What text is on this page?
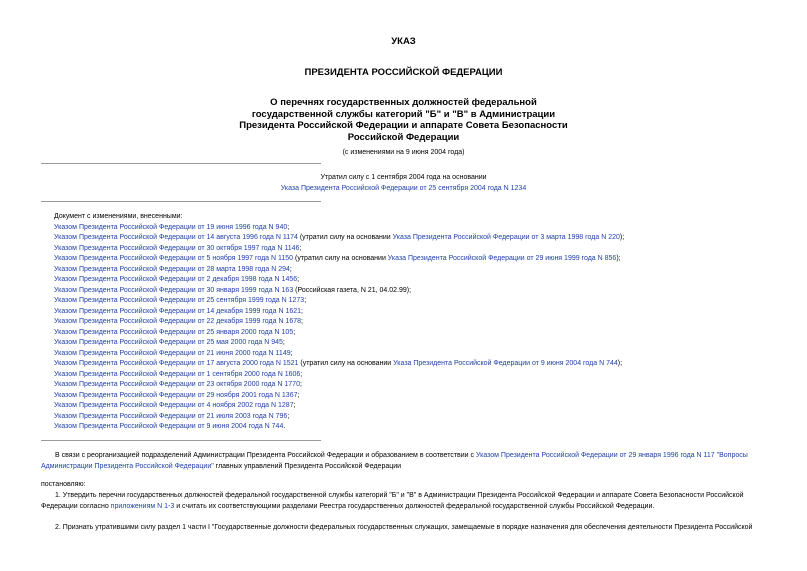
УКАЗ
ПРЕЗИДЕНТА РОССИЙСКОЙ ФЕДЕРАЦИИ
О перечнях государственных должностей федеральной
государственной службы категорий "Б" и "В" в Администрации
Президента Российской Федерации и аппарате Совета Безопасности
Российской Федерации
(с изменениями на 9 июня 2004 года)
Утратил силу с 1 сентября 2004 года на основании
Указа Президента Российской Федерации от 25 сентября 2004 года N 1234
Документ с изменениями, внесенными:
Указом Президента Российской Федерации от 19 июня 1996 года N 940;
Указом Президента Российской Федерации от 14 августа 1996 года N 1174 (утратил силу на основании Указа Президента Российской Федерации от 3 марта 1998 года N 220);
Указом Президента Российской Федерации от 30 октября 1997 года N 1146;
Указом Президента Российской Федерации от 5 ноября 1997 года N 1150 (утратил силу на основании Указа Президента Российской Федерации от 29 июня 1999 года N 856);
Указом Президента Российской Федерации от 28 марта 1998 года N 294;
Указом Президента Российской Федерации от 2 декабря 1998 года N 1456;
Указом Президента Российской Федерации от 30 января 1999 года N 163 (Российская газета, N 21, 04.02.99);
Указом Президента Российской Федерации от 25 сентября 1999 года N 1273;
Указом Президента Российской Федерации от 14 декабря 1999 года N 1621;
Указом Президента Российской Федерации от 22 декабря 1999 года N 1678;
Указом Президента Российской Федерации от 25 января 2000 года N 105;
Указом Президента Российской Федерации от 25 мая 2000 года N 945;
Указом Президента Российской Федерации от 21 июня 2000 года N 1149;
Указом Президента Российской Федерации от 17 августа 2000 года N 1521 (утратил силу на основании Указа Президента Российской Федерации от 9 июня 2004 года N 744);
Указом Президента Российской Федерации от 1 сентября 2000 года N 1606;
Указом Президента Российской Федерации от 23 октября 2000 года N 1770;
Указом Президента Российской Федерации от 29 ноября 2001 года N 1367;
Указом Президента Российской Федерации от 4 ноября 2002 года N 1287;
Указом Президента Российской Федерации от 21 июля 2003 года N 796;
Указом Президента Российской Федерации от 9 июня 2004 года N 744.
В связи с реорганизацией подразделений Администрации Президента Российской Федерации и образованием в соответствии с Указом Президента Российской Федерации от 29 января 1996 года N 117 "Вопросы Администрации Президента Российской Федерации" главных управлений Президента Российской Федерации
постановляю:
1. Утвердить перечни государственных должностей федеральной государственной службы категорий "Б" и "В" в Администрации Президента Российской Федерации и аппарате Совета Безопасности Российской Федерации согласно приложениям N 1-3 и считать их соответствующими разделами Реестра государственных должностей федеральной государственной службы Российской Федерации.
2. Признать утратившими силу раздел 1 части I "Государственные должности федеральных государственных служащих, замещаемые в порядке назначения для обеспечения деятельности Президента Российской
